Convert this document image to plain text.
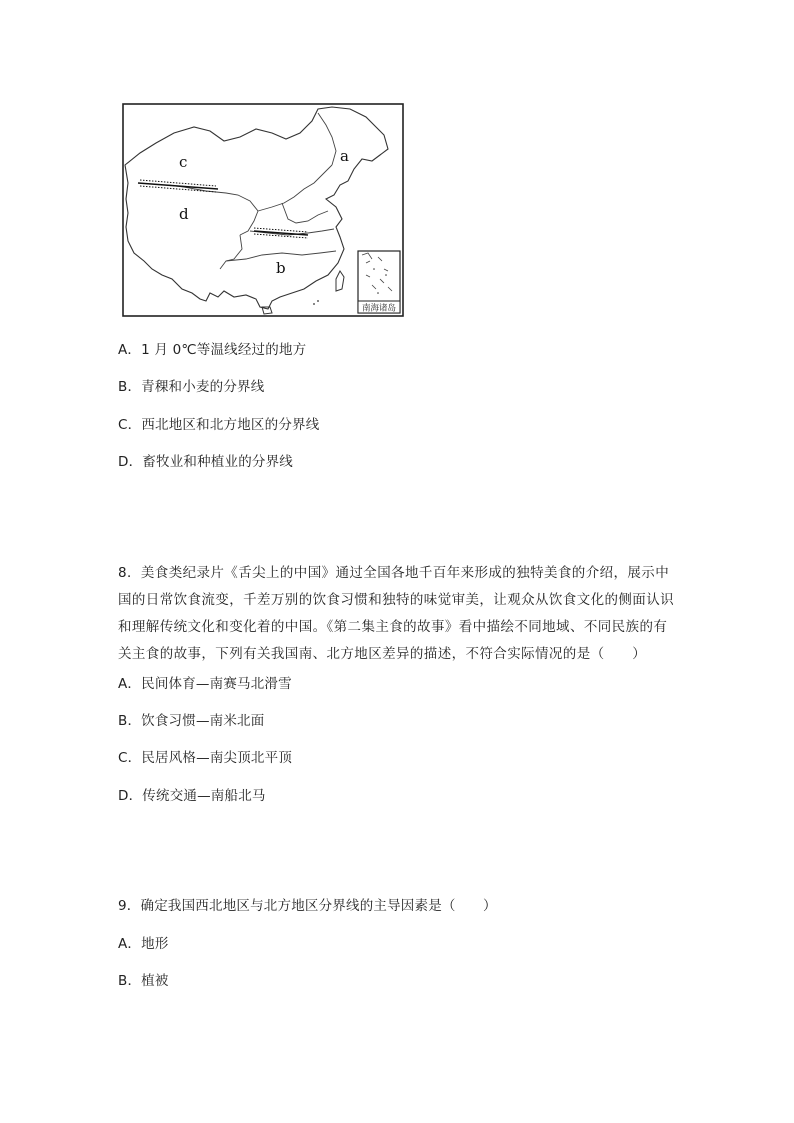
南海诸岛
a
c
d
b
A．1 月 0℃等温线经过的地方
B．青稞和小麦的分界线
C．西北地区和北方地区的分界线
D．畜牧业和种植业的分界线
8．美食类纪录片《舌尖上的中国》通过全国各地千百年来形成的独特美食的介绍，展示中
国的日常饮食流变，千差万别的饮食习惯和独特的味觉审美，让观众从饮食文化的侧面认识
和理解传统文化和变化着的中国。《第二集主食的故事》看中描绘不同地域、不同民族的有
关主食的故事，下列有关我国南、北方地区差异的描述，不符合实际情况的是（　　）
A．民间体育—南赛马北滑雪
B．饮食习惯—南米北面
C．民居风格—南尖顶北平顶
D．传统交通—南船北马
9．确定我国西北地区与北方地区分界线的主导因素是（　　）
A．地形
B．植被
